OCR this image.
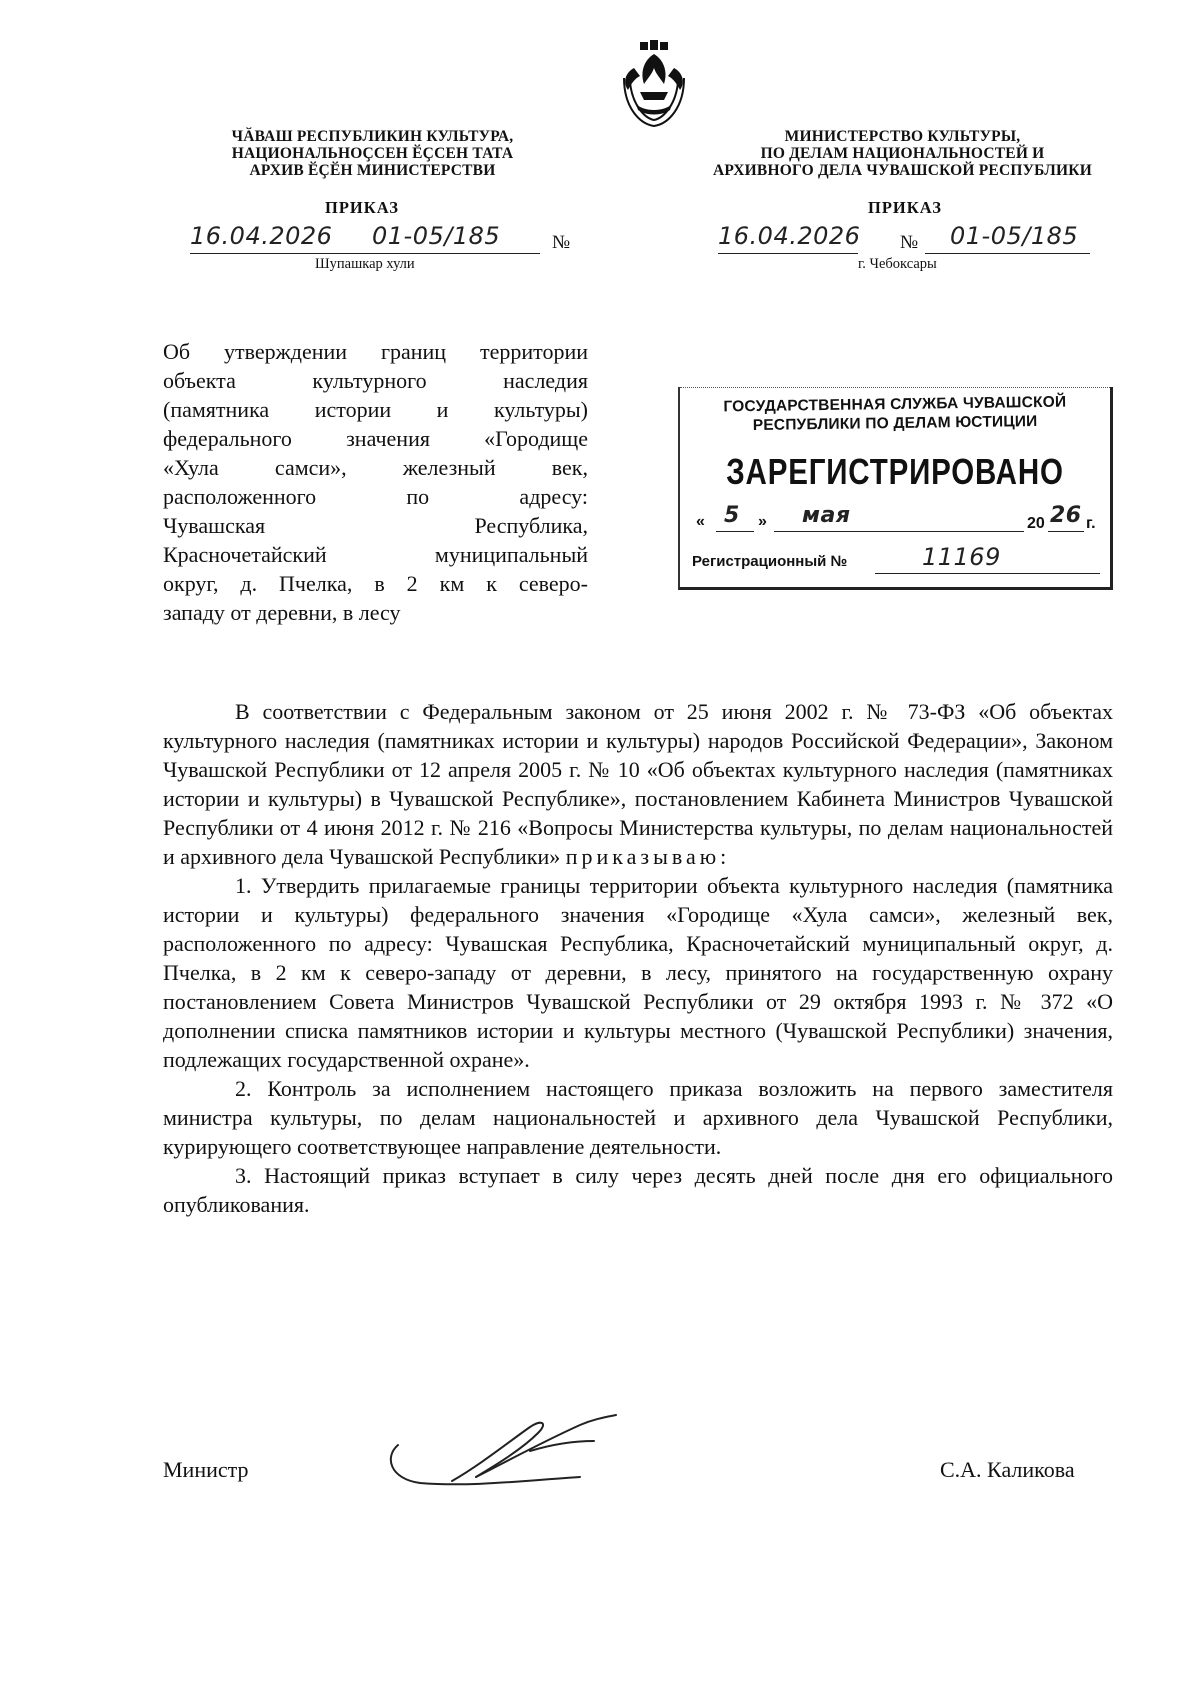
ЧӐВАШ РЕСПУБЛИКИН КУЛЬТУРА,
НАЦИОНАЛЬНОҪСЕН ӖҪСЕН ТАТА
АРХИВ ӖҪӖН МИНИСТЕРСТВИ
ПРИКАЗ
16.04.2026 01-05/185	№
Шупашкар хули
МИНИСТЕРСТВО КУЛЬТУРЫ,
ПО ДЕЛАМ НАЦИОНАЛЬНОСТЕЙ И
АРХИВНОГО ДЕЛА ЧУВАШСКОЙ РЕСПУБЛИКИ
ПРИКАЗ
16.04.2026 № 01-05/185
г. Чебоксары
Об утверждении границ территории
объекта культурного наследия
(памятника истории и культуры)
федерального значения «Городище
«Хула самси», железный век,
расположенного по адресу:
Чувашская Республика,
Красночетайский муниципальный
округ, д. Пчелка, в 2 км к северо-
западу от деревни, в лесу
ГОСУДАРСТВЕННАЯ СЛУЖБА ЧУВАШСКОЙ
РЕСПУБЛИКИ ПО ДЕЛАМ ЮСТИЦИИ
ЗАРЕГИСТРИРОВАНО
« 5 » мая	20 26 г.
Регистрационный №	11169

В соответствии с Федеральным законом от 25 июня 2002 г. № 73-ФЗ «Об объектах культурного наследия (памятниках истории и культуры) народов Российской Федерации», Законом Чувашской Республики от 12 апреля 2005 г. № 10 «Об объектах культурного наследия (памятниках истории и культуры) в Чувашской Республике», постановлением Кабинета Министров Чувашской Республики от 4 июня 2012 г. № 216 «Вопросы Министерства культуры, по делам национальностей и архивного дела Чувашской Республики» приказываю:

1. Утвердить прилагаемые границы территории объекта культурного наследия (памятника истории и культуры) федерального значения «Городище «Хула самси», железный век, расположенного по адресу: Чувашская Республика, Красночетайский муниципальный округ, д. Пчелка, в 2 км к северо-западу от деревни, в лесу, принятого на государственную охрану постановлением Совета Министров Чувашской Республики от 29 октября 1993 г. № 372 «О дополнении списка памятников истории и культуры местного (Чувашской Республики) значения, подлежащих государственной охране».

2. Контроль за исполнением настоящего приказа возложить на первого заместителя министра культуры, по делам национальностей и архивного дела Чувашской Республики, курирующего соответствующее направление деятельности.

3. Настоящий приказ вступает в силу через десять дней после дня его официального опубликования.

Министр	С.А. Каликова
